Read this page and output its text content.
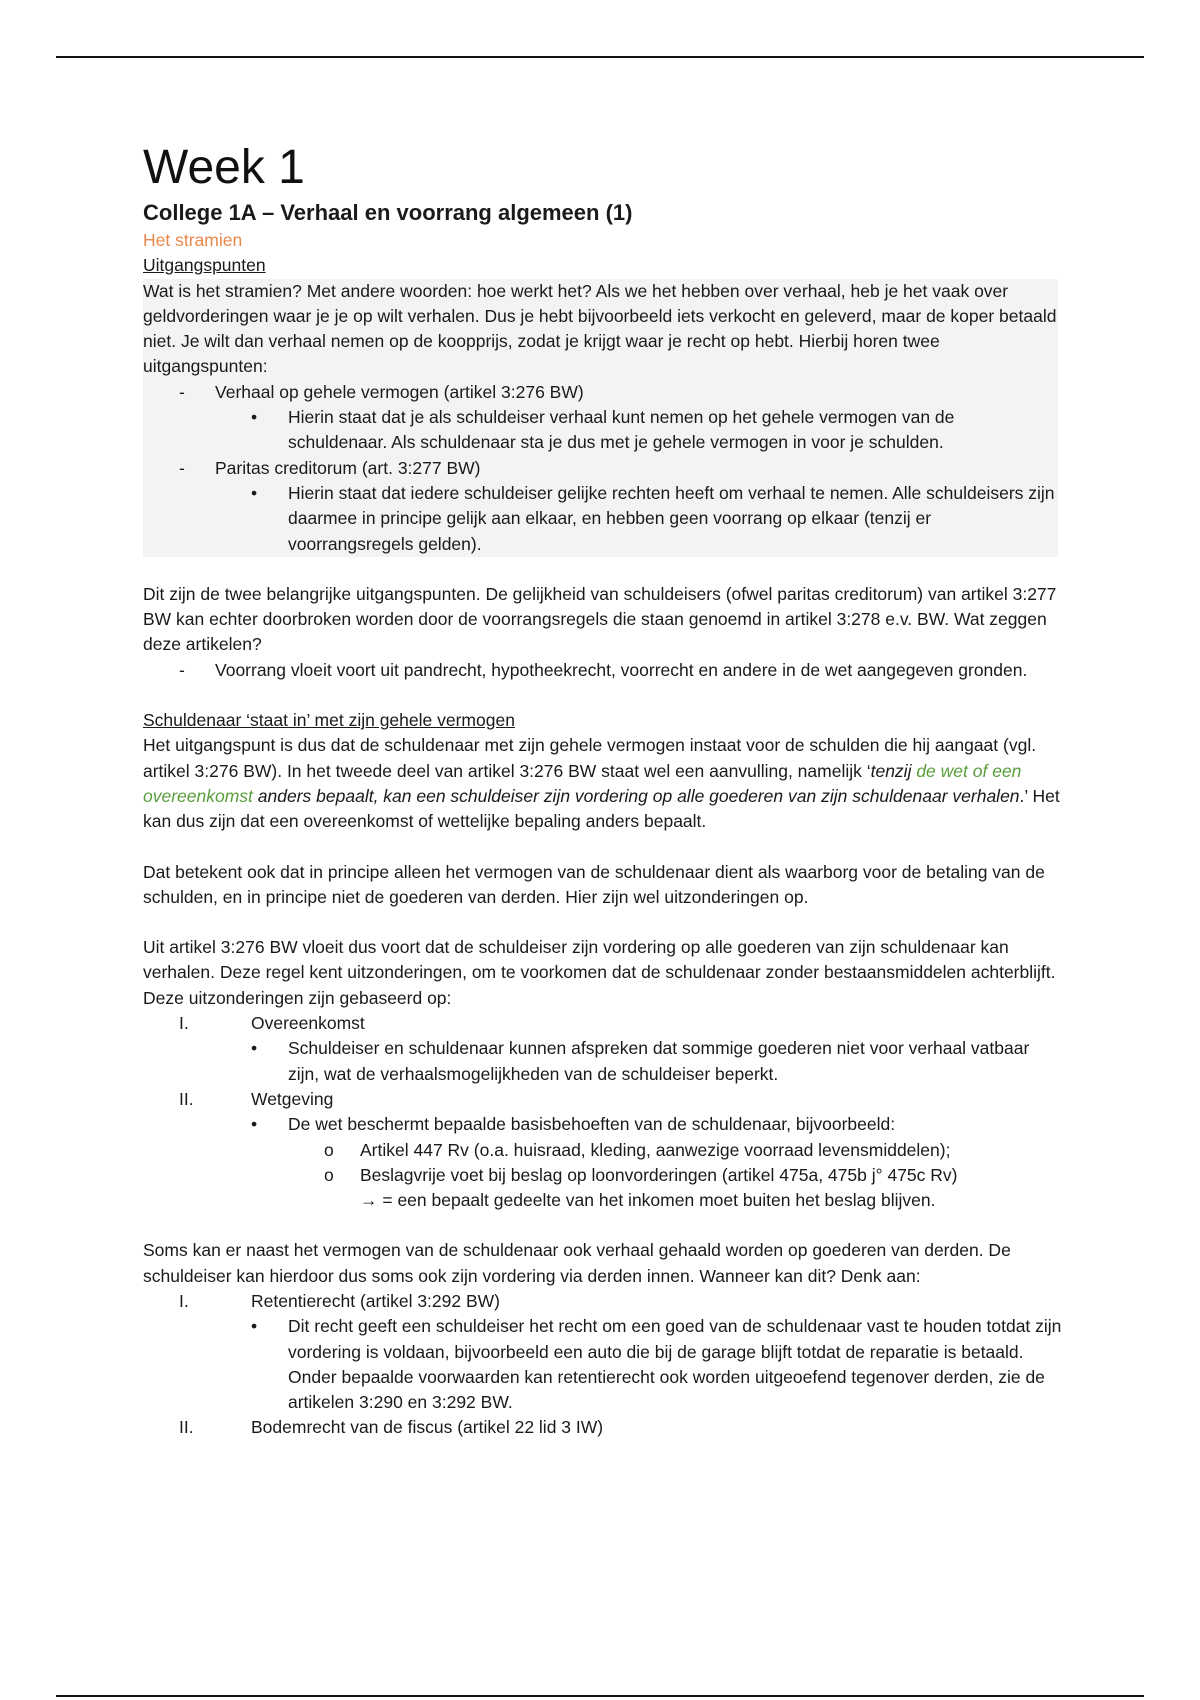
Week 1
College 1A – Verhaal en voorrang algemeen (1)

Het stramien

Uitgangspunten

Wat is het stramien? Met andere woorden: hoe werkt het? Als we het hebben over verhaal, heb je het vaak over geldvorderingen waar je je op wilt verhalen. Dus je hebt bijvoorbeeld iets verkocht en geleverd, maar de koper betaald niet. Je wilt dan verhaal nemen op de koopprijs, zodat je krijgt waar je recht op hebt. Hierbij horen twee uitgangspunten:

- Verhaal op gehele vermogen (artikel 3:276 BW)
• Hierin staat dat je als schuldeiser verhaal kunt nemen op het gehele vermogen van de schuldenaar. Als schuldenaar sta je dus met je gehele vermogen in voor je schulden.
- Paritas creditorum (art. 3:277 BW)
• Hierin staat dat iedere schuldeiser gelijke rechten heeft om verhaal te nemen. Alle schuldeisers zijn daarmee in principe gelijk aan elkaar, en hebben geen voorrang op elkaar (tenzij er voorrangsregels gelden).

Dit zijn de twee belangrijke uitgangspunten. De gelijkheid van schuldeisers (ofwel paritas creditorum) van artikel 3:277 BW kan echter doorbroken worden door de voorrangsregels die staan genoemd in artikel 3:278 e.v. BW. Wat zeggen deze artikelen?

- Voorrang vloeit voort uit pandrecht, hypotheekrecht, voorrecht en andere in de wet aangegeven gronden.

Schuldenaar ‘staat in’ met zijn gehele vermogen

Het uitgangspunt is dus dat de schuldenaar met zijn gehele vermogen instaat voor de schulden die hij aangaat (vgl. artikel 3:276 BW). In het tweede deel van artikel 3:276 BW staat wel een aanvulling, namelijk ‘tenzij de wet of een overeenkomst anders bepaalt, kan een schuldeiser zijn vordering op alle goederen van zijn schuldenaar verhalen.’ Het kan dus zijn dat een overeenkomst of wettelijke bepaling anders bepaalt.

Dat betekent ook dat in principe alleen het vermogen van de schuldenaar dient als waarborg voor de betaling van de schulden, en in principe niet de goederen van derden. Hier zijn wel uitzonderingen op.

Uit artikel 3:276 BW vloeit dus voort dat de schuldeiser zijn vordering op alle goederen van zijn schuldenaar kan verhalen. Deze regel kent uitzonderingen, om te voorkomen dat de schuldenaar zonder bestaansmiddelen achterblijft. Deze uitzonderingen zijn gebaseerd op:

I.	Overeenkomst
• Schuldeiser en schuldenaar kunnen afspreken dat sommige goederen niet voor verhaal vatbaar zijn, wat de verhaalsmogelijkheden van de schuldeiser beperkt.
II.	Wetgeving
• De wet beschermt bepaalde basisbehoeften van de schuldenaar, bijvoorbeeld:
o Artikel 447 Rv (o.a. huisraad, kleding, aanwezige voorraad levensmiddelen);
o Beslagvrije voet bij beslag op loonvorderingen (artikel 475a, 475b j° 475c Rv)
→ = een bepaalt gedeelte van het inkomen moet buiten het beslag blijven.

Soms kan er naast het vermogen van de schuldenaar ook verhaal gehaald worden op goederen van derden. De schuldeiser kan hierdoor dus soms ook zijn vordering via derden innen. Wanneer kan dit? Denk aan:

I.	Retentierecht (artikel 3:292 BW)
• Dit recht geeft een schuldeiser het recht om een goed van de schuldenaar vast te houden totdat zijn vordering is voldaan, bijvoorbeeld een auto die bij de garage blijft totdat de reparatie is betaald. Onder bepaalde voorwaarden kan retentierecht ook worden uitgeoefend tegenover derden, zie de artikelen 3:290 en 3:292 BW.
II.	Bodemrecht van de fiscus (artikel 22 lid 3 IW)
